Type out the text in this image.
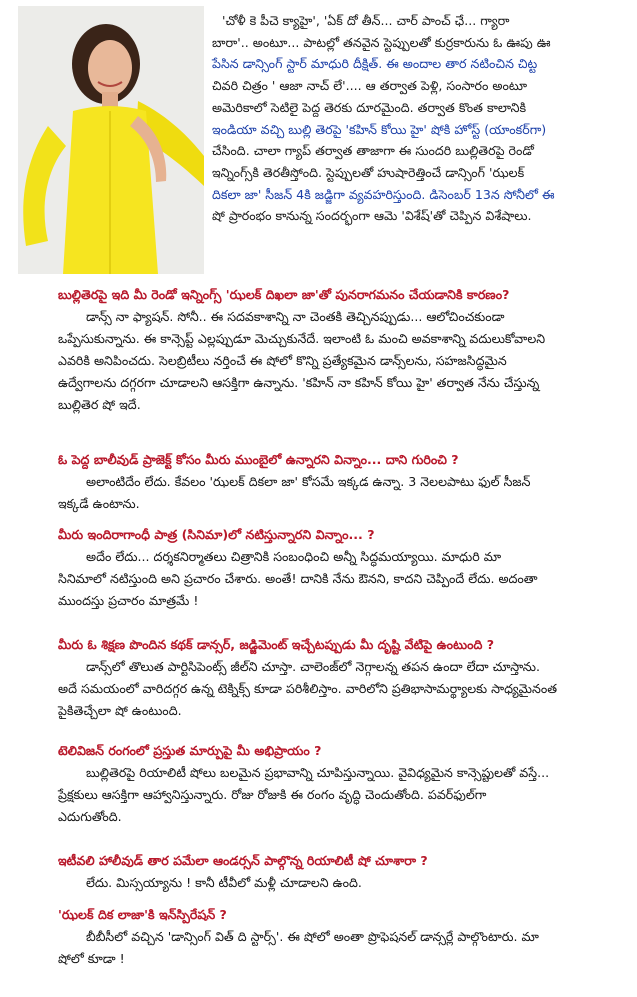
'చోళీ కె పీచె క్యాహై', 'ఏక్ దో తీన్... చార్ పాంచ్ ఛే... గ్యారా
బారా'.. అంటూ... పాటల్లో తనవైన స్టెప్పులతో కుర్రకారును ఓ ఊపు ఊ
పేసిన డాన్సింగ్ స్టార్ మాధురి దీక్షిత్. ఈ అందాల తార నటించిన చిట్ట
చివరి చిత్రం ' ఆజా నాచ్ లే'.... ఆ తర్వాత పెళ్లి, సంసారం అంటూ
అమెరికాలో సెటిలై పెద్ద తెరకు దూరమైంది. తర్వాత కొంత కాలానికి
ఇండియా వచ్చి బుల్లి తెరపై 'కహిన్ కోయి హై' షోకి హోస్ట్ (యాంకర్‌గా)
చేసింది. చాలా గ్యాప్ తర్వాత తాజాగా ఈ సుందరి బుల్లితెరపై రెండో
ఇన్నింగ్స్‌కి తెరతీస్తోంది. స్టెప్పులతో హుషారెత్తించే డాన్సింగ్ 'ఝలక్
దికలా జా' సీజన్ 4కి జడ్జిగా వ్యవహరిస్తుంది. డిసెంబర్ 13న సోనీలో ఈ
షో ప్రారంభం కానున్న సందర్భంగా ఆమె 'విశేష్'తో చెప్పిన విశేషాలు.
బుల్లితెరపై ఇది మీ రెండో ఇన్నింగ్స్ 'ఝలక్ దిఖలా జా'తో పునరాగమనం చేయడానికి కారణం?
డాన్స్ నా ఫ్యాషన్. సోనీ.. ఈ సదవకాశాన్ని నా చెంతకి తెచ్చినప్పుడు... ఆలోచించకుండా
ఒప్పేసుకున్నాను. ఈ కాన్సెప్ట్ ఎల్లప్పుడూ మెచ్చుకునేదే. ఇలాంటి ఓ మంచి అవకాశాన్ని వదులుకోవాలని
ఎవరికి అనిపించదు. సెలబ్రిటీలు నర్తించే ఈ షోలో కొన్ని ప్రత్యేకమైన డాన్స్‌లను, సహజసిద్ధమైన
ఉద్వేగాలను దగ్గరగా చూడాలని ఆసక్తిగా ఉన్నాను. 'కహిన్ నా కహిన్ కోయి హై' తర్వాత నేను చేస్తున్న
బుల్లితెర షో ఇదే.
ఓ పెద్ద బాలీవుడ్ ప్రాజెక్ట్ కోసం మీరు ముంబైలో ఉన్నారని విన్నాం... దాని గురించి ?
అలాంటిదేం లేదు. కేవలం 'ఝలక్ దికలా జా' కోసమే ఇక్కడ ఉన్నా. 3 నెలలపాటు ఫుల్ సీజన్
ఇక్కడే ఉంటాను.
మీరు ఇందిరాగాంధీ పాత్ర (సినిమా)లో నటిస్తున్నారని విన్నాం... ?
అదేం లేదు... దర్శకనిర్మాతలు చిత్రానికి సంబంధించి అన్నీ సిద్ధమయ్యాయి. మాధురి మా
సినిమాలో నటిస్తుంది అని ప్రచారం చేశారు. అంతే! దానికి నేను ఔనని, కాదని చెప్పిందే లేదు. అదంతా
ముందస్తు ప్రచారం మాత్రమే !
మీరు ఓ శిక్షణ పొందిన కథక్ డాన్సర్, జడ్జిమెంట్ ఇచ్చేటప్పుడు మీ దృష్టి వేటిపై ఉంటుంది ?
డాన్స్‌లో తొలుత పార్టిసిపెంట్స్ జీల్‌ని చూస్తా. చాలెంజ్‌లో నెగ్గాలన్న తపన ఉందా లేదా చూస్తాను.
అదే సమయంలో వారిదగ్గర ఉన్న టెక్నిక్స్ కూడా పరిశీలిస్తాం. వారిలోని ప్రతిభాసామర్థ్యాలకు సాధ్యమైనంత
పైకితెచ్చేలా షో ఉంటుంది.
టెలివిజన్ రంగంలో ప్రస్తుత మార్పుపై మీ అభిప్రాయం ?
బుల్లితెరపై రియాలిటీ షోలు బలమైన ప్రభావాన్ని చూపిస్తున్నాయి. వైవిధ్యమైన కాన్సెప్టులతో వస్తే...
ప్రేక్షకులు ఆసక్తిగా ఆహ్వానిస్తున్నారు. రోజు రోజుకి ఈ రంగం వృద్ధి చెందుతోంది. పవర్‌ఫుల్‌గా
ఎదుగుతోంది.
ఇటీవలి హాలీవుడ్ తార పమేలా ఆండర్సన్ పాల్గొన్న రియాలిటీ షో చూశారా ?
లేదు. మిస్సయ్యాను ! కానీ టీవీలో మళ్లీ చూడాలని ఉంది.
'ఝలక్ దిక లాజా'కి ఇన్‌స్పిరేషన్ ?
బీబీసీలో వచ్చిన 'డాన్సింగ్ విత్ ది స్టార్స్'. ఈ షోలో అంతా ప్రొఫెషనల్ డాన్సర్లే పాల్గొంటారు. మా
షోలో కూడా !
